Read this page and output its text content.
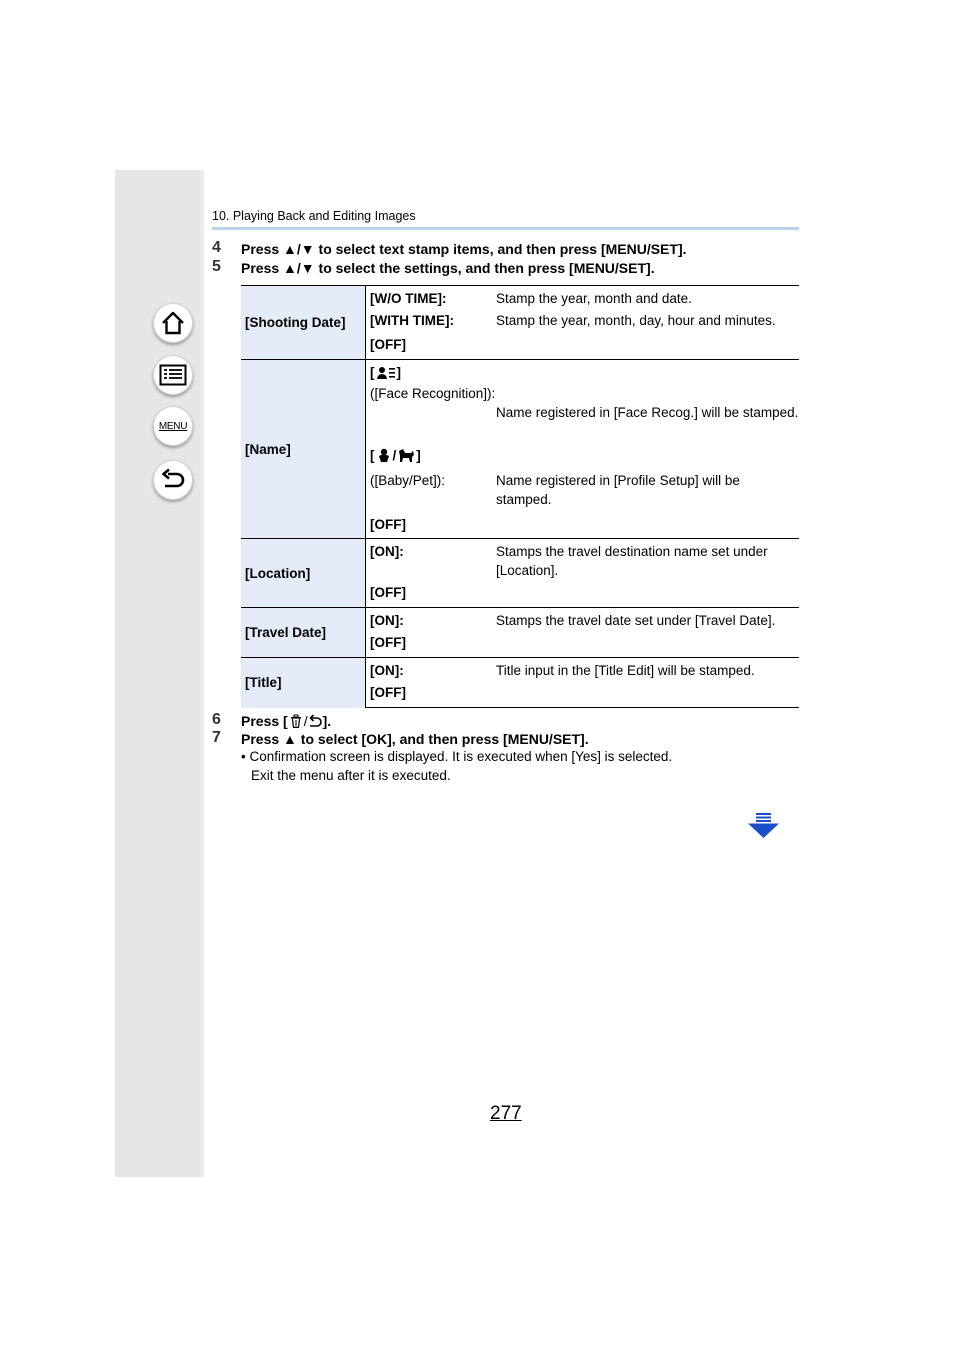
MENU
10. Playing Back and Editing Images
4 Press ▲/▼ to select text stamp items, and then press [MENU/SET].
5 Press ▲/▼ to select the settings, and then press [MENU/SET].
[Shooting Date]	[W/O TIME]:	Stamp the year, month and date.
	[WITH TIME]:	Stamp the year, month, day, hour and minutes.
	[OFF]	
[Name]	[ ]	
	([Face Recognition]):	Name registered in [Face Recog.] will be stamped.

	[ / ]	
	([Baby/Pet]):	Name registered in [Profile Setup] will be stamped.

	[OFF]	
[Location]	[ON]:	Stamps the travel destination name set under [Location].
	[OFF]	
[Travel Date]	[ON]:	Stamps the travel date set under [Travel Date].
	[OFF]	
[Title]	[ON]:	Title input in the [Title Edit] will be stamped.
	[OFF]	
6 Press [ / ].
7 Press ▲ to select [OK], and then press [MENU/SET].
• Confirmation screen is displayed. It is executed when [Yes] is selected.
Exit the menu after it is executed.
277
